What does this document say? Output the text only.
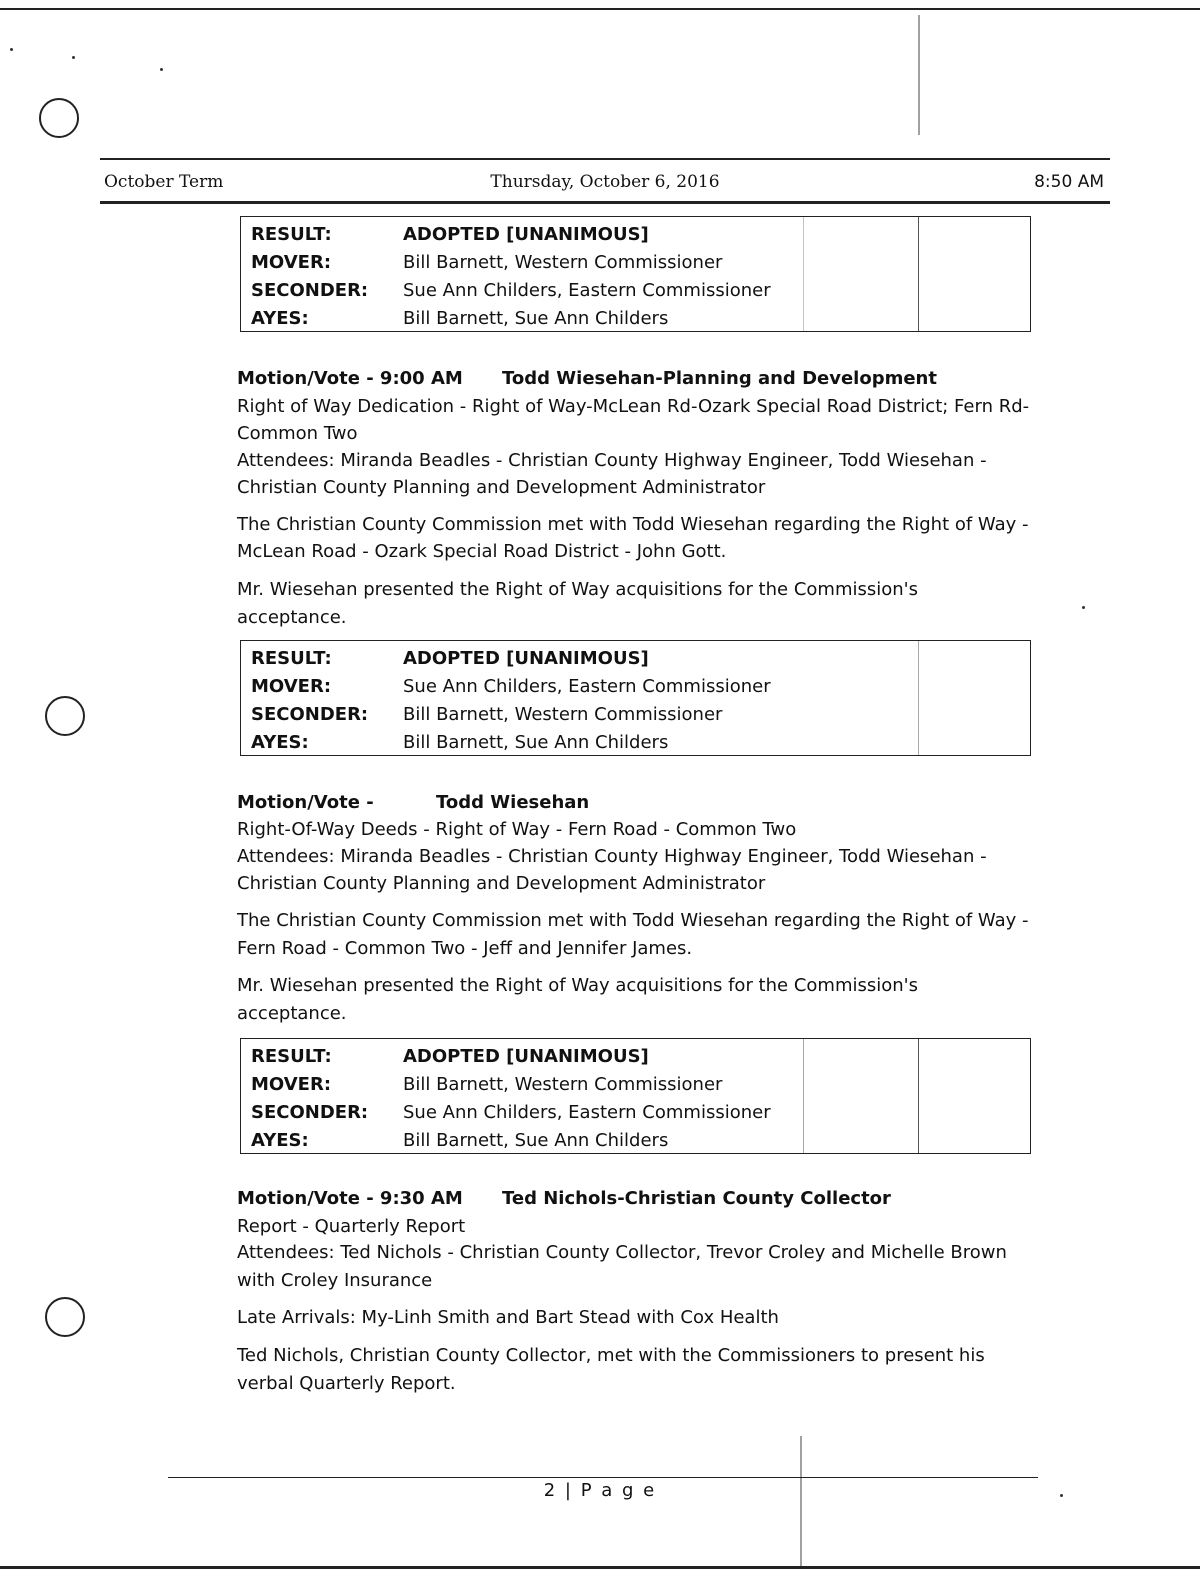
October Term	Thursday, October 6, 2016	8:50 AM
RESULT:	ADOPTED [UNANIMOUS]
MOVER:	Bill Barnett, Western Commissioner
SECONDER: Sue Ann Childers, Eastern Commissioner
AYES:	Bill Barnett, Sue Ann Childers
Motion/Vote - 9:00 AM Todd Wiesehan-Planning and Development
Right of Way Dedication - Right of Way-McLean Rd-Ozark Special Road District; Fern Rd-
Common Two
Attendees: Miranda Beadles - Christian County Highway Engineer, Todd Wiesehan -
Christian County Planning and Development Administrator
The Christian County Commission met with Todd Wiesehan regarding the Right of Way -
McLean Road - Ozark Special Road District - John Gott.
Mr. Wiesehan presented the Right of Way acquisitions for the Commission's
acceptance.
RESULT:	ADOPTED [UNANIMOUS]
MOVER:	Sue Ann Childers, Eastern Commissioner
SECONDER: Bill Barnett, Western Commissioner
AYES:	Bill Barnett, Sue Ann Childers
Motion/Vote -	Todd Wiesehan
Right-Of-Way Deeds - Right of Way - Fern Road - Common Two
Attendees: Miranda Beadles - Christian County Highway Engineer, Todd Wiesehan -
Christian County Planning and Development Administrator
The Christian County Commission met with Todd Wiesehan regarding the Right of Way -
Fern Road - Common Two - Jeff and Jennifer James.
Mr. Wiesehan presented the Right of Way acquisitions for the Commission's
acceptance.
RESULT:	ADOPTED [UNANIMOUS]
MOVER:	Bill Barnett, Western Commissioner
SECONDER: Sue Ann Childers, Eastern Commissioner
AYES:	Bill Barnett, Sue Ann Childers
Motion/Vote - 9:30 AM Ted Nichols-Christian County Collector
Report - Quarterly Report
Attendees: Ted Nichols - Christian County Collector, Trevor Croley and Michelle Brown
with Croley Insurance
Late Arrivals: My-Linh Smith and Bart Stead with Cox Health
Ted Nichols, Christian County Collector, met with the Commissioners to present his
verbal Quarterly Report.
2 | P a g e
